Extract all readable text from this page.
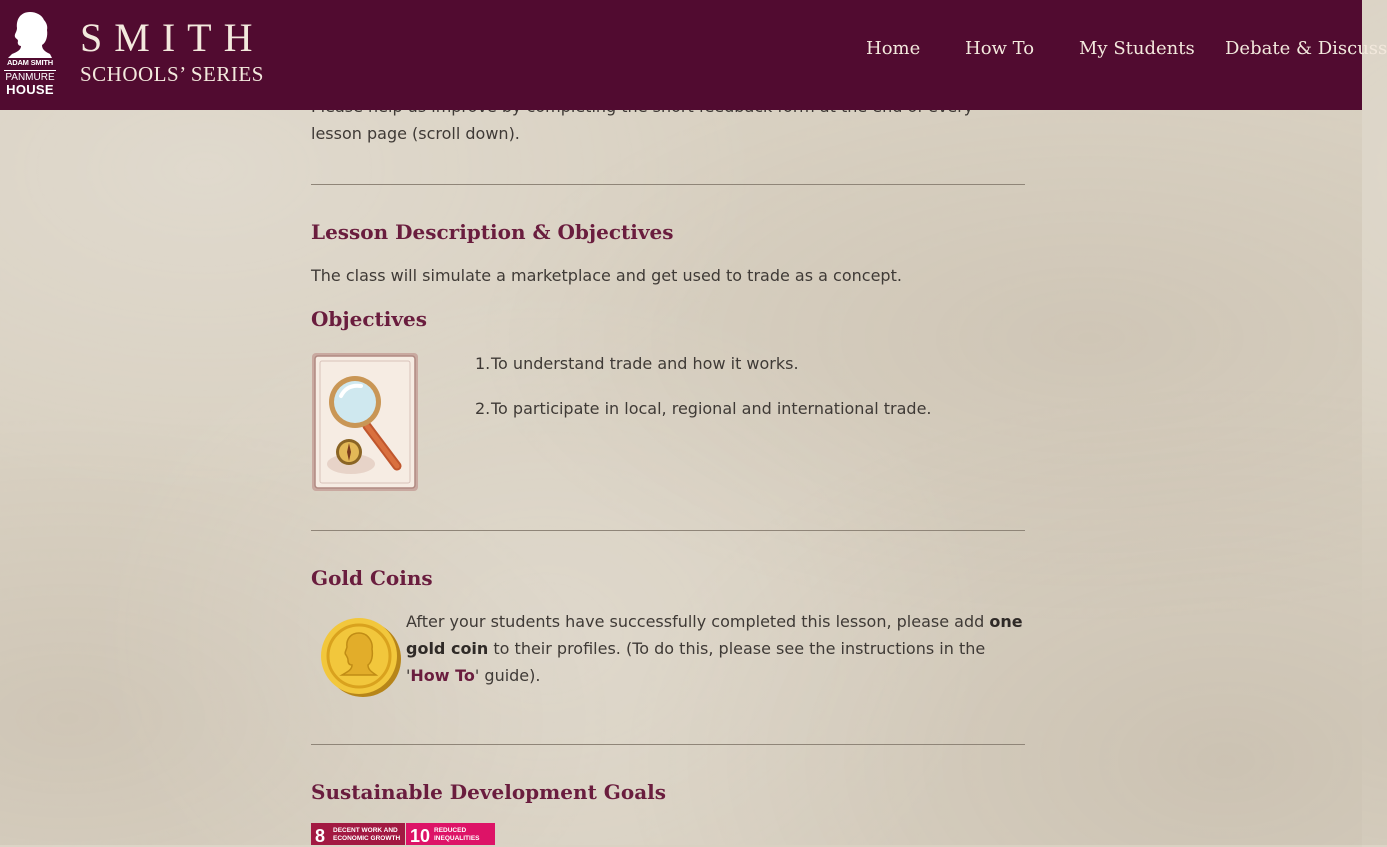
ADAM SMITH
PANMURE
HOUSE
SMITH
SCHOOLS’ SERIES
Home How To My Students Debate & Discuss
lesson page (scroll down).
Lesson Description & Objectives
The class will simulate a marketplace and get used to trade as a concept.
Objectives
1. To understand trade and how it works.
2. To participate in local, regional and international trade.
Gold Coins
After your students have successfully completed this lesson, please add one gold coin to their profiles. (To do this, please see the instructions in the 'How To' guide).
Sustainable Development Goals
8 DECENT WORK AND
ECONOMIC GROWTH 10 REDUCED
INEQUALITIES
